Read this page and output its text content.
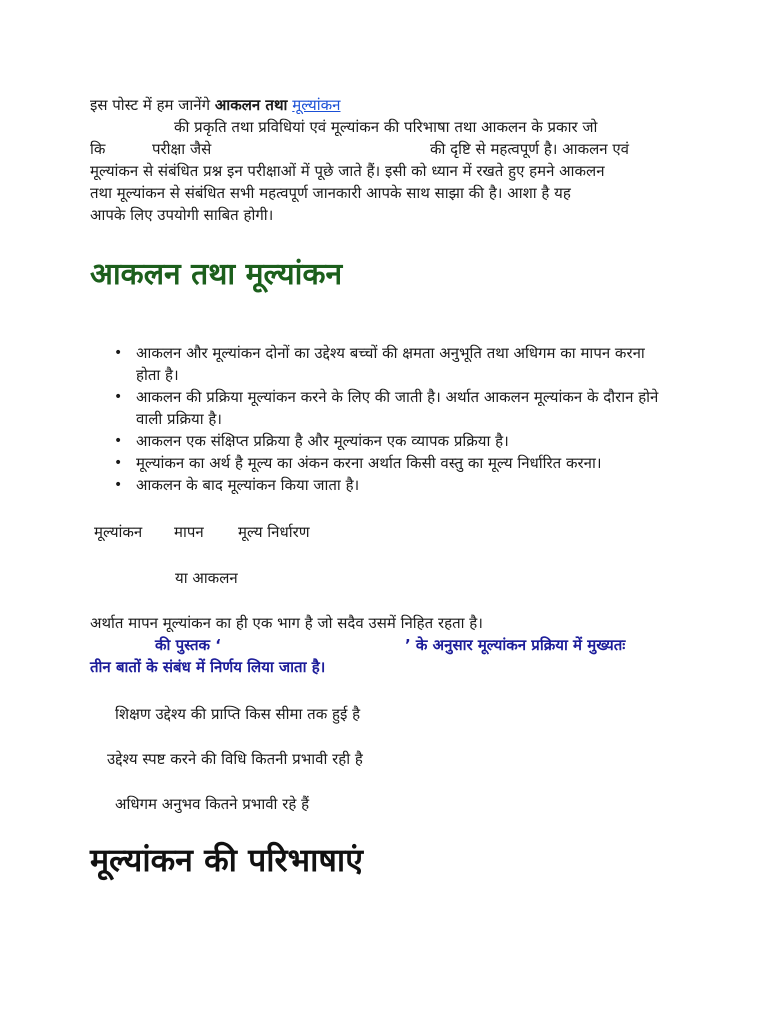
इस पोस्ट में हम जानेंगे आकलन तथा मूल्यांकन
की प्रकृति तथा प्रविधियां एवं मूल्यांकन की परिभाषा तथा आकलन के प्रकार जो
कि	परीक्षा जैसे	की दृष्टि से महत्वपूर्ण है। आकलन एवं
मूल्यांकन से संबंधित प्रश्न इन परीक्षाओं में पूछे जाते हैं। इसी को ध्यान में रखते हुए हमने आकलन
तथा मूल्यांकन से संबंधित सभी महत्वपूर्ण जानकारी आपके साथ साझा की है। आशा है यह
आपके लिए उपयोगी साबित होगी।
आकलन तथा मूल्यांकन
• आकलन और मूल्यांकन दोनों का उद्देश्य बच्चों की क्षमता अनुभूति तथा अधिगम का मापन करना होता है।
• आकलन की प्रक्रिया मूल्यांकन करने के लिए की जाती है। अर्थात आकलन मूल्यांकन के दौरान होने वाली प्रक्रिया है।
• आकलन एक संक्षिप्त प्रक्रिया है और मूल्यांकन एक व्यापक प्रक्रिया है।
• मूल्यांकन का अर्थ है मूल्य का अंकन करना अर्थात किसी वस्तु का मूल्य निर्धारित करना।
• आकलन के बाद मूल्यांकन किया जाता है।
मूल्यांकन मापन मूल्य निर्धारण
या आकलन
अर्थात मापन मूल्यांकन का ही एक भाग है जो सदैव उसमें निहित रहता है।
की पुस्तक ‘	’ के अनुसार मूल्यांकन प्रक्रिया में मुख्यतः
तीन बातों के संबंध में निर्णय लिया जाता है।
शिक्षण उद्देश्य की प्राप्ति किस सीमा तक हुई है
उद्देश्य स्पष्ट करने की विधि कितनी प्रभावी रही है
अधिगम अनुभव कितने प्रभावी रहे हैं
मूल्यांकन की परिभाषाएं
